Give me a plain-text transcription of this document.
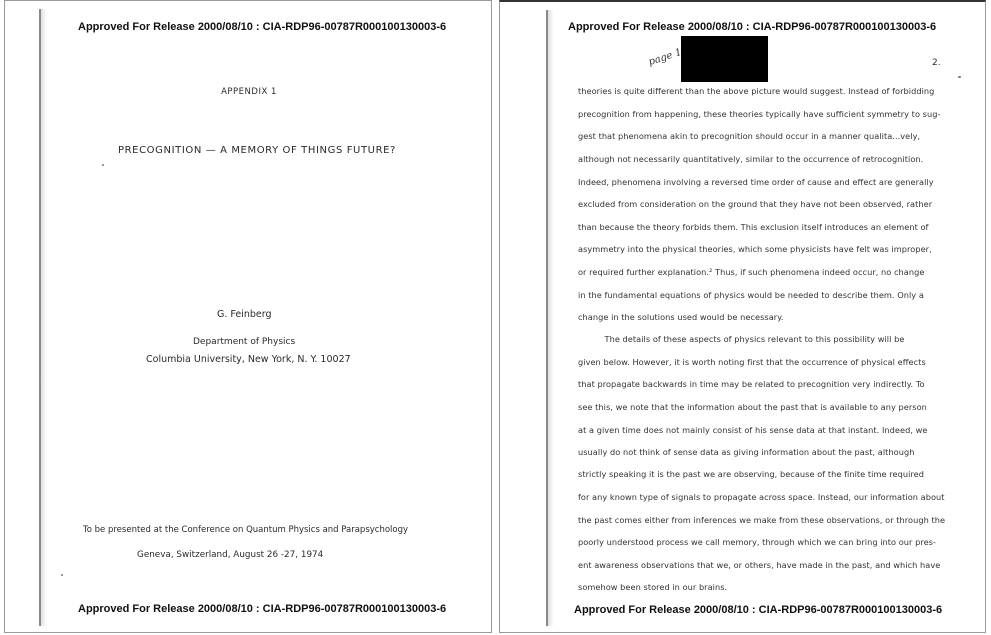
Approved For Release 2000/08/10 : CIA-RDP96-00787R000100130003-6
APPENDIX 1
PRECOGNITION — A MEMORY OF THINGS FUTURE?
G. Feinberg
Department of Physics
Columbia University, New York, N. Y. 10027
To be presented at the Conference on Quantum Physics and Parapsychology
Geneva, Switzerland, August 26 -27, 1974
Approved For Release 2000/08/10 : CIA-RDP96-00787R000100130003-6
Approved For Release 2000/08/10 : CIA-RDP96-00787R000100130003-6
page 1	2.
theories is quite different than the above picture would suggest. Instead of forbidding
precognition from happening, these theories typically have sufficient symmetry to sug-
gest that phenomena akin to precognition should occur in a manner qualita...vely,
although not necessarily quantitatively, similar to the occurrence of retrocognition.
Indeed, phenomena involving a reversed time order of cause and effect are generally
excluded from consideration on the ground that they have not been observed, rather
than because the theory forbids them. This exclusion itself introduces an element of
asymmetry into the physical theories, which some physicists have felt was improper,
or required further explanation.² Thus, if such phenomena indeed occur, no change
in the fundamental equations of physics would be needed to describe them. Only a
change in the solutions used would be necessary.
The details of these aspects of physics relevant to this possibility will be
given below. However, it is worth noting first that the occurrence of physical effects
that propagate backwards in time may be related to precognition very indirectly. To
see this, we note that the information about the past that is available to any person
at a given time does not mainly consist of his sense data at that instant. Indeed, we
usually do not think of sense data as giving information about the past, although
strictly speaking it is the past we are observing, because of the finite time required
for any known type of signals to propagate across space. Instead, our information about
the past comes either from inferences we make from these observations, or through the
poorly understood process we call memory, through which we can bring into our pres-
ent awareness observations that we, or others, have made in the past, and which have
somehow been stored in our brains.
Approved For Release 2000/08/10 : CIA-RDP96-00787R000100130003-6
